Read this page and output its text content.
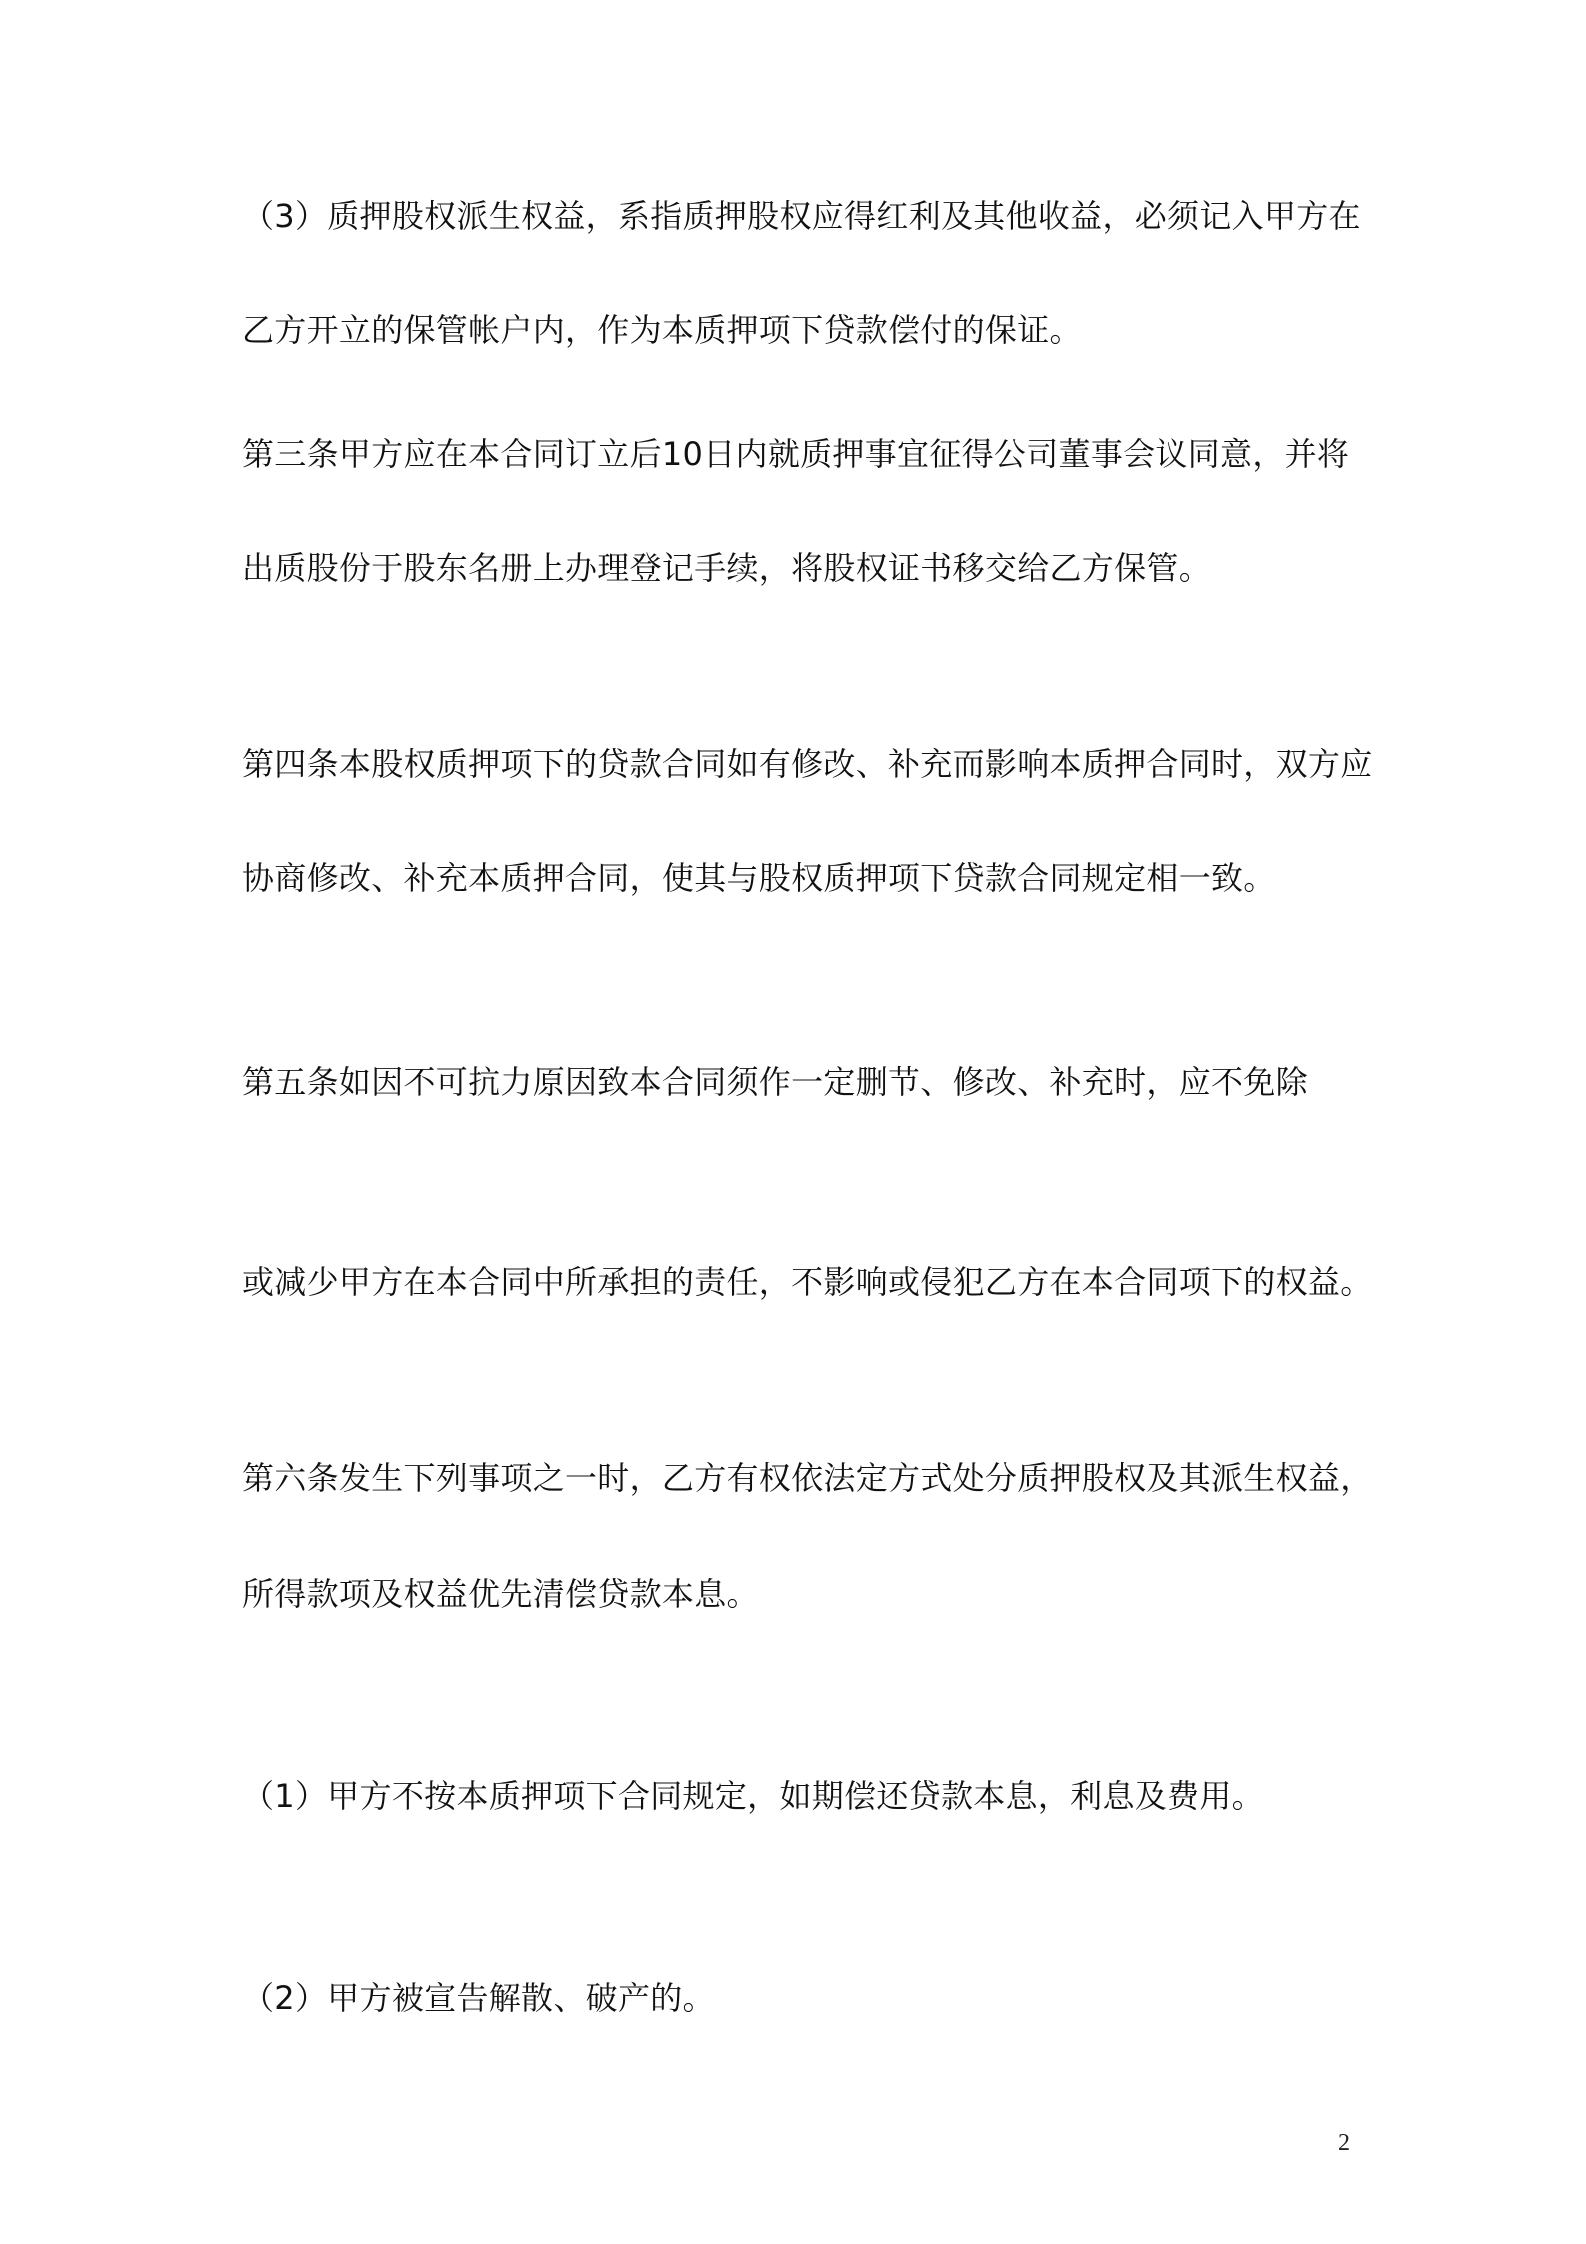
（3）质押股权派生权益，系指质押股权应得红利及其他收益，必须记入甲方在
乙方开立的保管帐户内，作为本质押项下贷款偿付的保证。
第三条甲方应在本合同订立后10日内就质押事宜征得公司董事会议同意，并将
出质股份于股东名册上办理登记手续，将股权证书移交给乙方保管。
第四条本股权质押项下的贷款合同如有修改、补充而影响本质押合同时，双方应
协商修改、补充本质押合同，使其与股权质押项下贷款合同规定相一致。
第五条如因不可抗力原因致本合同须作一定删节、修改、补充时，应不免除
或减少甲方在本合同中所承担的责任，不影响或侵犯乙方在本合同项下的权益。
第六条发生下列事项之一时，乙方有权依法定方式处分质押股权及其派生权益，
所得款项及权益优先清偿贷款本息。
（1）甲方不按本质押项下合同规定，如期偿还贷款本息，利息及费用。
（2）甲方被宣告解散、破产的。
2
